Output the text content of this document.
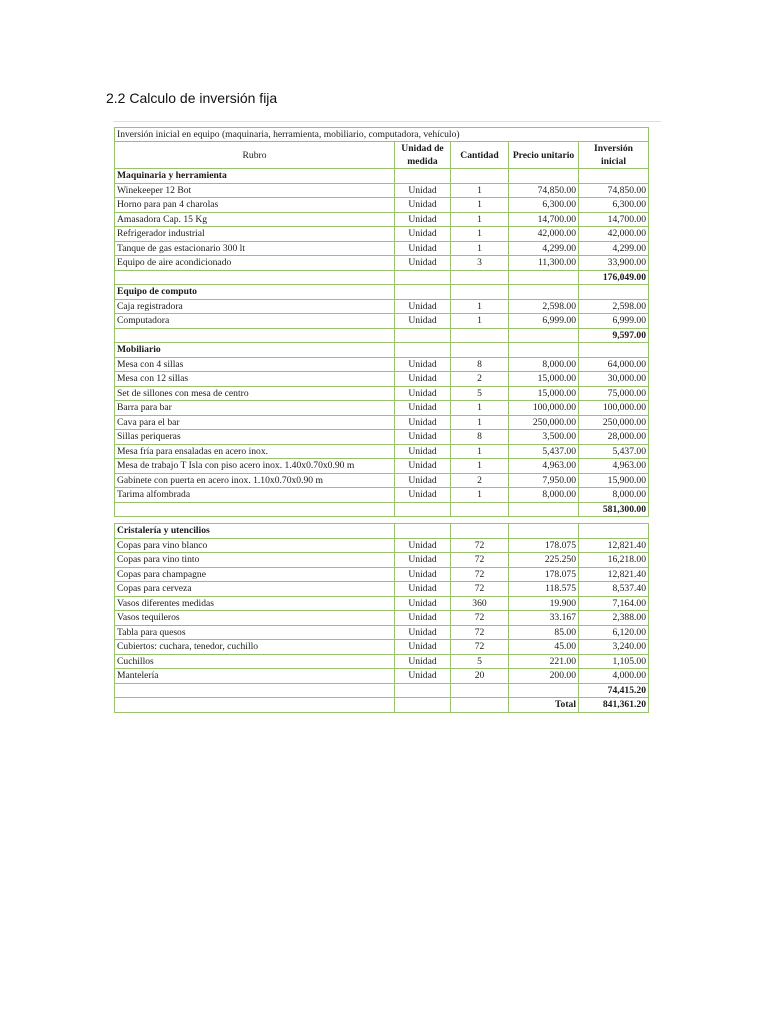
2.2 Calculo de inversión fija
Inversión inicial en equipo (maquinaria, herramienta, mobiliario, computadora, vehículo)				
Rubro	Unidad de medida	Cantidad	Precio unitario	Inversión inicial
Maquinaria y herramienta				
Winekeeper 12 Bot	Unidad	1	74,850.00	74,850.00
Horno para pan 4 charolas	Unidad	1	6,300.00	6,300.00
Amasadora Cap. 15 Kg	Unidad	1	14,700.00	14,700.00
Refrigerador industrial	Unidad	1	42,000.00	42,000.00
Tanque de gas estacionario 300 lt	Unidad	1	4,299.00	4,299.00
Equipo de aire acondicionado	Unidad	3	11,300.00	33,900.00
				176,049.00
Equipo de computo				
Caja registradora	Unidad	1	2,598.00	2,598.00
Computadora	Unidad	1	6,999.00	6,999.00
				9,597.00
Mobiliario				
Mesa con 4 sillas	Unidad	8	8,000.00	64,000.00
Mesa con 12 sillas	Unidad	2	15,000.00	30,000.00
Set de sillones con mesa de centro	Unidad	5	15,000.00	75,000.00
Barra para bar	Unidad	1	100,000.00	100,000.00
Cava para el bar	Unidad	1	250,000.00	250,000.00
Sillas periqueras	Unidad	8	3,500.00	28,000.00
Mesa fría para ensaladas en acero inox.	Unidad	1	5,437.00	5,437.00
Mesa de trabajo T Isla con piso acero inox. 1.40x0.70x0.90 m	Unidad	1	4,963.00	4,963.00
Gabinete con puerta en acero inox. 1.10x0.70x0.90 m	Unidad	2	7,950.00	15,900.00
Tarima alfombrada	Unidad	1	8,000.00	8,000.00
				581,300.00

Cristalería y utencilios				
Copas para vino blanco	Unidad	72	178.075	12,821.40
Copas para vino tinto	Unidad	72	225.250	16,218.00
Copas para champagne	Unidad	72	178.075	12,821.40
Copas para cerveza	Unidad	72	118.575	8,537.40
Vasos diferentes medidas	Unidad	360	19.900	7,164.00
Vasos tequileros	Unidad	72	33.167	2,388.00
Tabla para quesos	Unidad	72	85.00	6,120.00
Cubiertos: cuchara, tenedor, cuchillo	Unidad	72	45.00	3,240.00
Cuchillos	Unidad	5	221.00	1,105.00
Mantelería	Unidad	20	200.00	4,000.00
				74,415.20
			Total	841,361.20
